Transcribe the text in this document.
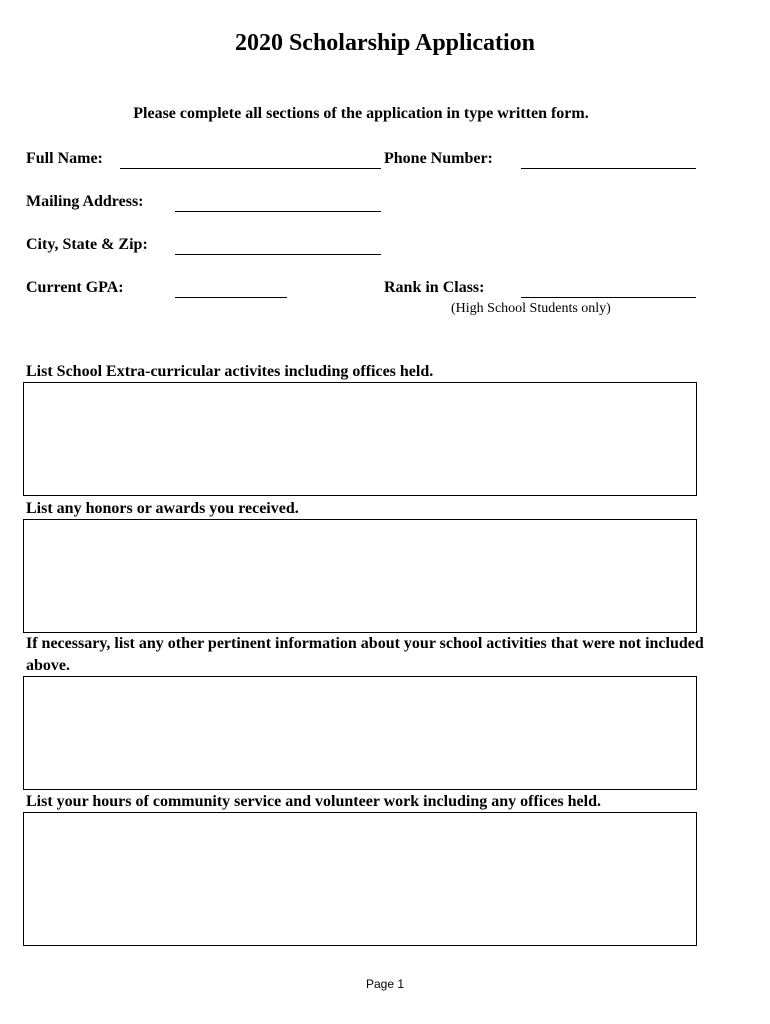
2020 Scholarship Application
Please complete all sections of the application in type written form.
Full Name:	Phone Number:
Mailing Address:
City, State & Zip:
Current GPA:	Rank in Class:
(High School Students only)
List School Extra-curricular activites including offices held.
List any honors or awards you received.
If necessary, list any other pertinent information about your school activities that were not included above.
List your hours of community service and volunteer work including any offices held.
Page 1
